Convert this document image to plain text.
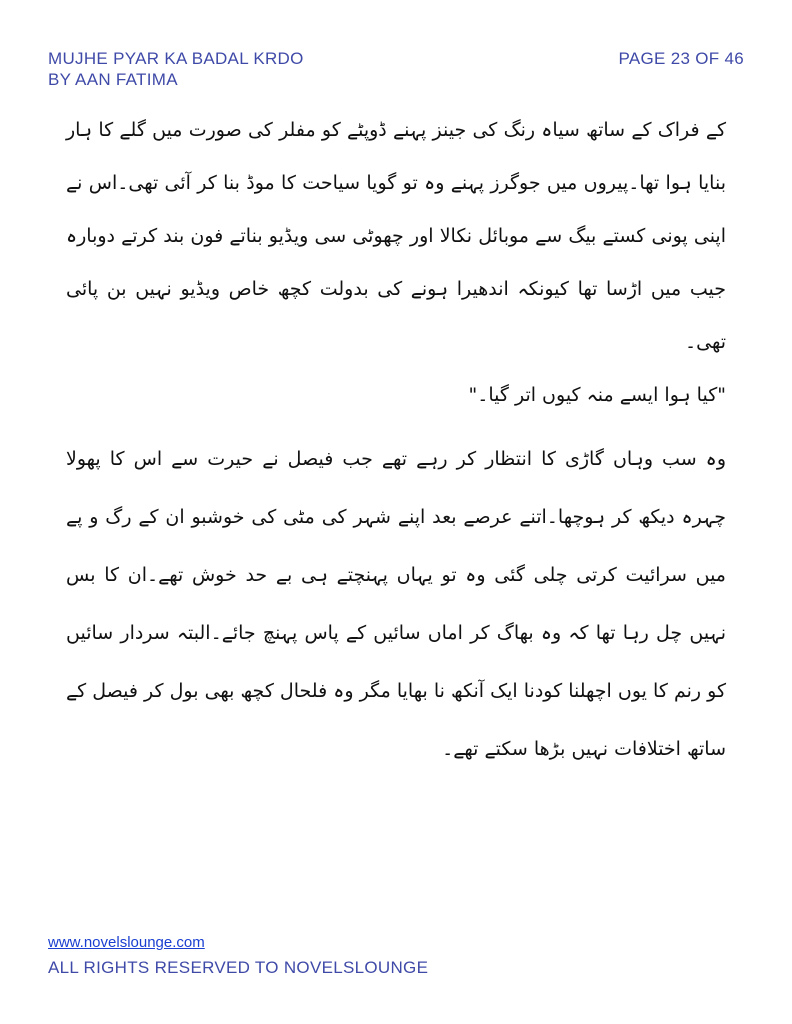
MUJHE PYAR KA BADAL KRDO
BY AAN FATIMA
PAGE 23 OF 46

کے فراک کے ساتھ سیاہ رنگ کی جینز پہنے ڈوپٹے کو مفلر کی صورت میں گلے کا ہار بنایا ہوا تھا۔پیروں میں جوگرز پہنے وہ تو گویا سیاحت کا موڈ بنا کر آئی تھی۔اس نے اپنی پونی کستے بیگ سے موبائل نکالا اور چھوٹی سی ویڈیو بناتے فون بند کرتے دوبارہ جیب میں اڑسا تھا کیونکہ اندھیرا ہونے کی بدولت کچھ خاص ویڈیو نہیں بن پائی تھی۔

"کیا ہوا ایسے منہ کیوں اتر گیا۔"

وہ سب وہاں گاڑی کا انتظار کر رہے تھے جب فیصل نے حیرت سے اس کا پھولا چہرہ دیکھ کر ہوچھا۔اتنے عرصے بعد اپنے شہر کی مٹی کی خوشبو ان کے رگ و پے میں سرائیت کرتی چلی گئی وہ تو یہاں پہنچتے ہی بے حد خوش تھے۔ان کا بس نہیں چل رہا تھا کہ وہ بھاگ کر اماں سائیں کے پاس پہنچ جائے۔البتہ سردار سائیں کو رنم کا یوں اچھلنا کودنا ایک آنکھ نا بھایا مگر وہ فلحال کچھ بھی بول کر فیصل کے ساتھ اختلافات نہیں بڑھا سکتے تھے۔

www.novelslounge.com
ALL RIGHTS RESERVED TO NOVELSLOUNGE
